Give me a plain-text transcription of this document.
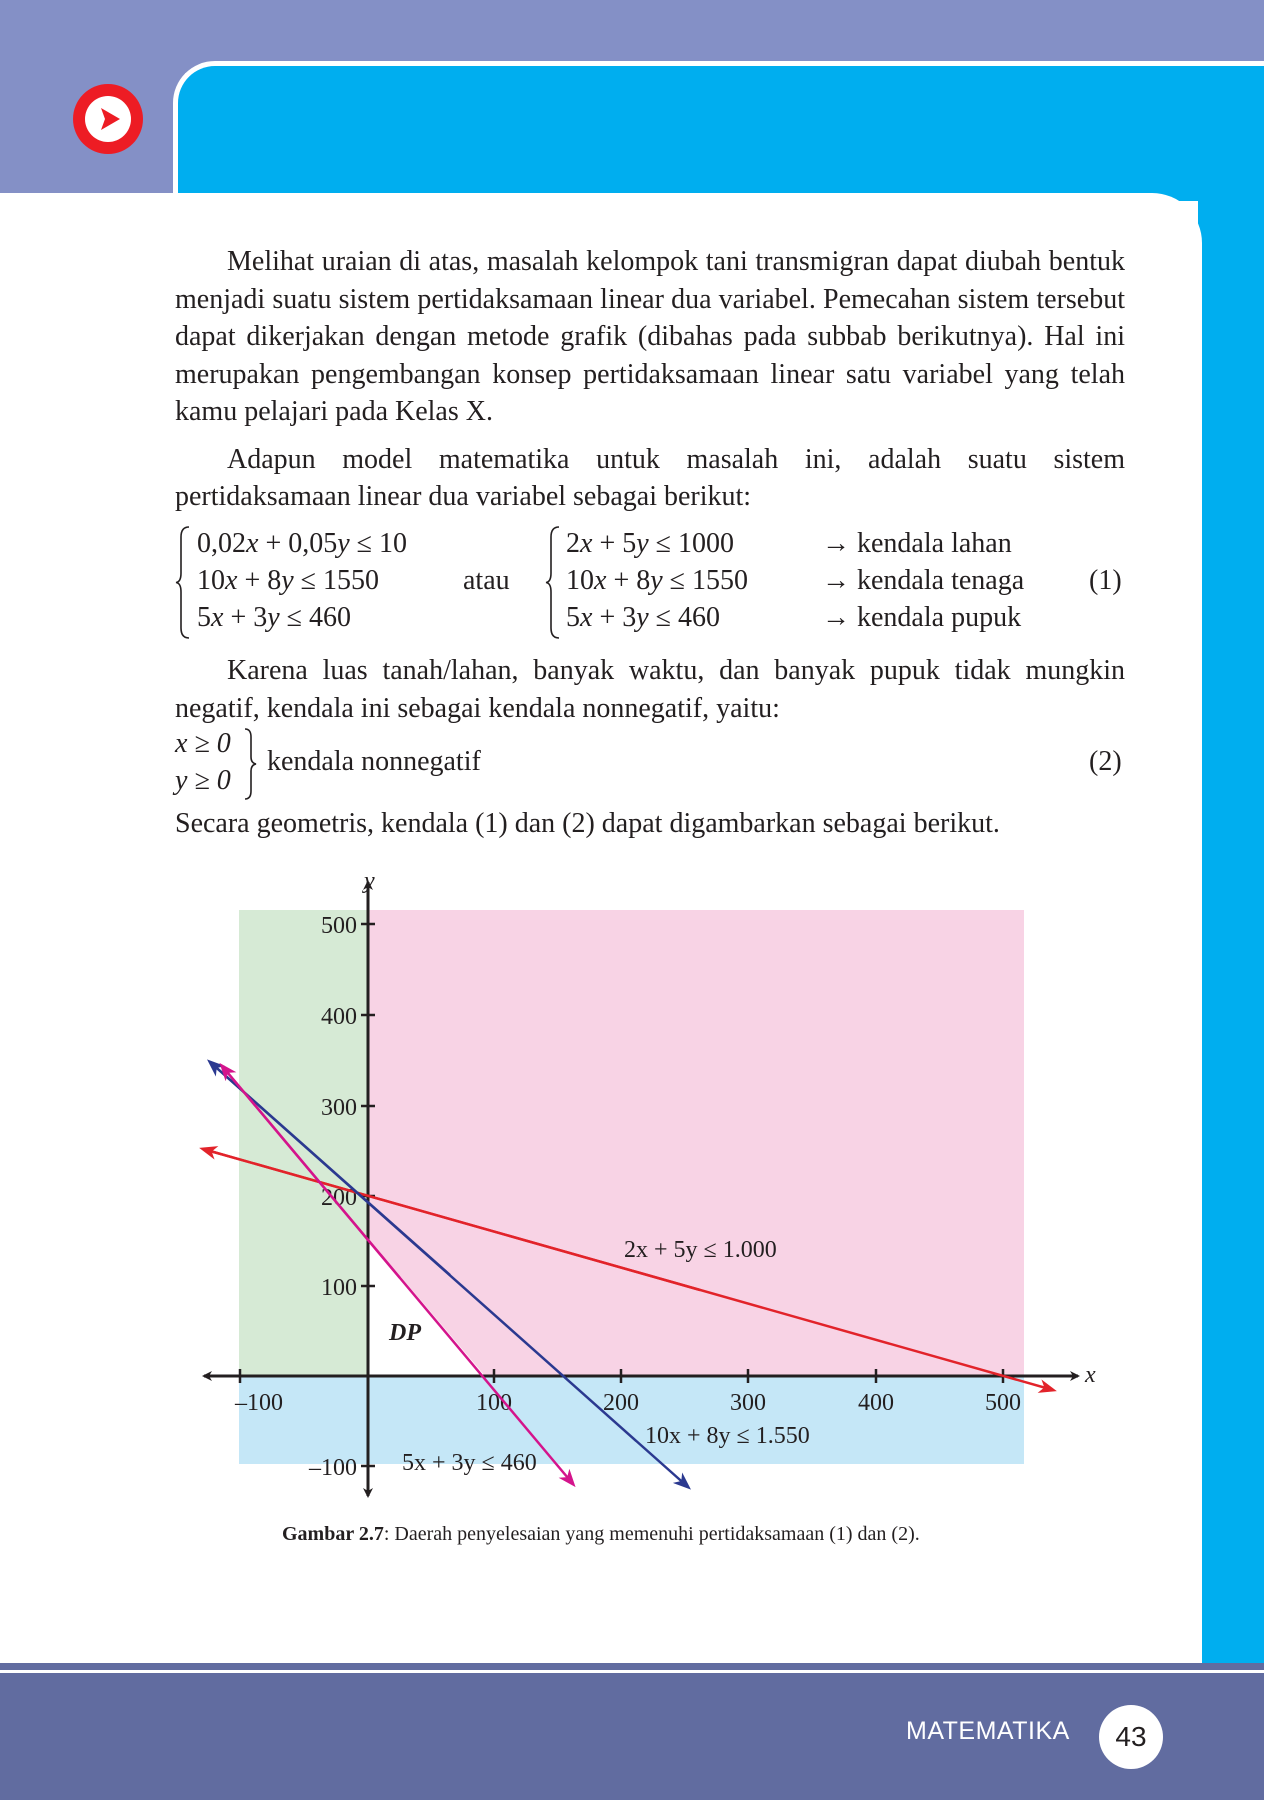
Melihat uraian di atas, masalah kelompok tani transmigran dapat diubah bentuk menjadi suatu sistem pertidaksamaan linear dua variabel. Pemecahan sistem tersebut dapat dikerjakan dengan metode grafik (dibahas pada subbab berikutnya). Hal ini merupakan pengembangan konsep pertidaksamaan linear satu variabel yang telah kamu pelajari pada Kelas X.

Adapun model matematika untuk masalah ini, adalah suatu sistem pertidaksamaan linear dua variabel sebagai berikut:

0,02x + 0,05y ≤ 10
10x + 8y ≤ 1550
5x + 3y ≤ 460
atau
2x + 5y ≤ 1000
10x + 8y ≤ 1550
5x + 3y ≤ 460
→ kendala lahan
→ kendala tenaga
→ kendala pupuk
(1)

Karena luas tanah/lahan, banyak waktu, dan banyak pupuk tidak mungkin negatif, kendala ini sebagai kendala nonnegatif, yaitu:

x ≥ 0
y ≥ 0
kendala nonnegatif	(2)

Secara geometris, kendala (1) dan (2) dapat digambarkan sebagai berikut.

–100	100	200	300	400	500
500
400
300
200
100
–100
x
y
2x + 5y ≤ 1.000
10x + 8y ≤ 1.550
5x + 3y ≤ 460
DP
Gambar 2.7: Daerah penyelesaian yang memenuhi pertidaksamaan (1) dan (2).
MATEMATIKA	43
